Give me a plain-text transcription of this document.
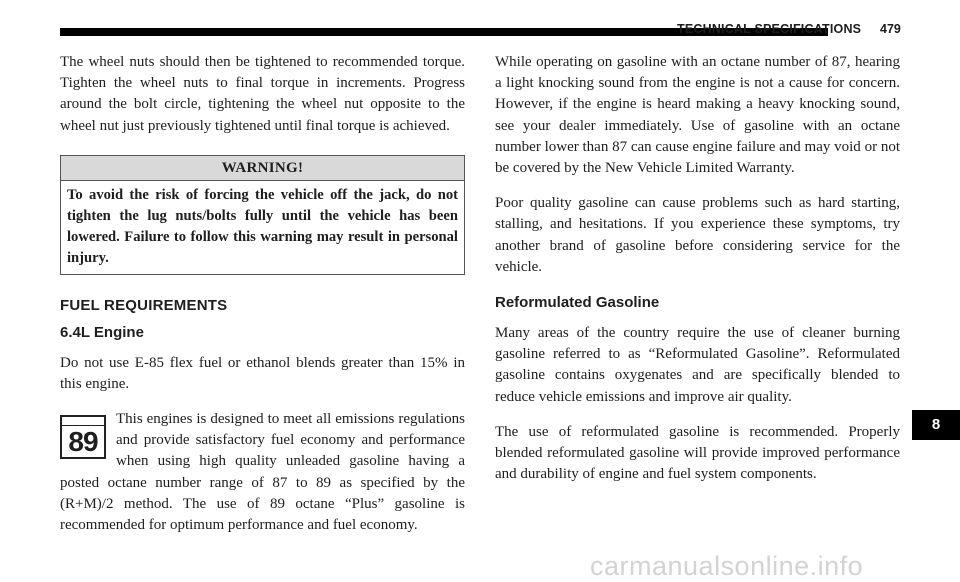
TECHNICAL SPECIFICATIONS	479

The wheel nuts should then be tightened to recommended torque. Tighten the wheel nuts to final torque in increments. Progress around the bolt circle, tightening the wheel nut opposite to the wheel nut just previously tightened until final torque is achieved.

WARNING!
To avoid the risk of forcing the vehicle off the jack, do not tighten the lug nuts/bolts fully until the vehicle has been lowered. Failure to follow this warning may result in personal injury.
FUEL REQUIREMENTS
6.4L Engine

Do not use E-85 flex fuel or ethanol blends greater than 15% in this engine.

89

This engines is designed to meet all emissions regulations and provide satisfactory fuel economy and performance when using high quality unleaded gasoline having a posted octane number range of 87 to 89 as specified by the (R+M)/2 method. The use of 89 octane “Plus” gasoline is recommended for optimum performance and fuel economy.

While operating on gasoline with an octane number of 87, hearing a light knocking sound from the engine is not a cause for concern. However, if the engine is heard making a heavy knocking sound, see your dealer immediately. Use of gasoline with an octane number lower than 87 can cause engine failure and may void or not be covered by the New Vehicle Limited Warranty.

Poor quality gasoline can cause problems such as hard starting, stalling, and hesitations. If you experience these symptoms, try another brand of gasoline before considering service for the vehicle.

Reformulated Gasoline

Many areas of the country require the use of cleaner burning gasoline referred to as “Reformulated Gasoline”. Reformulated gasoline contains oxygenates and are specifically blended to reduce vehicle emissions and improve air quality.

The use of reformulated gasoline is recommended. Properly blended reformulated gasoline will provide improved performance and durability of engine and fuel system components.

8
carmanualsonline.info
